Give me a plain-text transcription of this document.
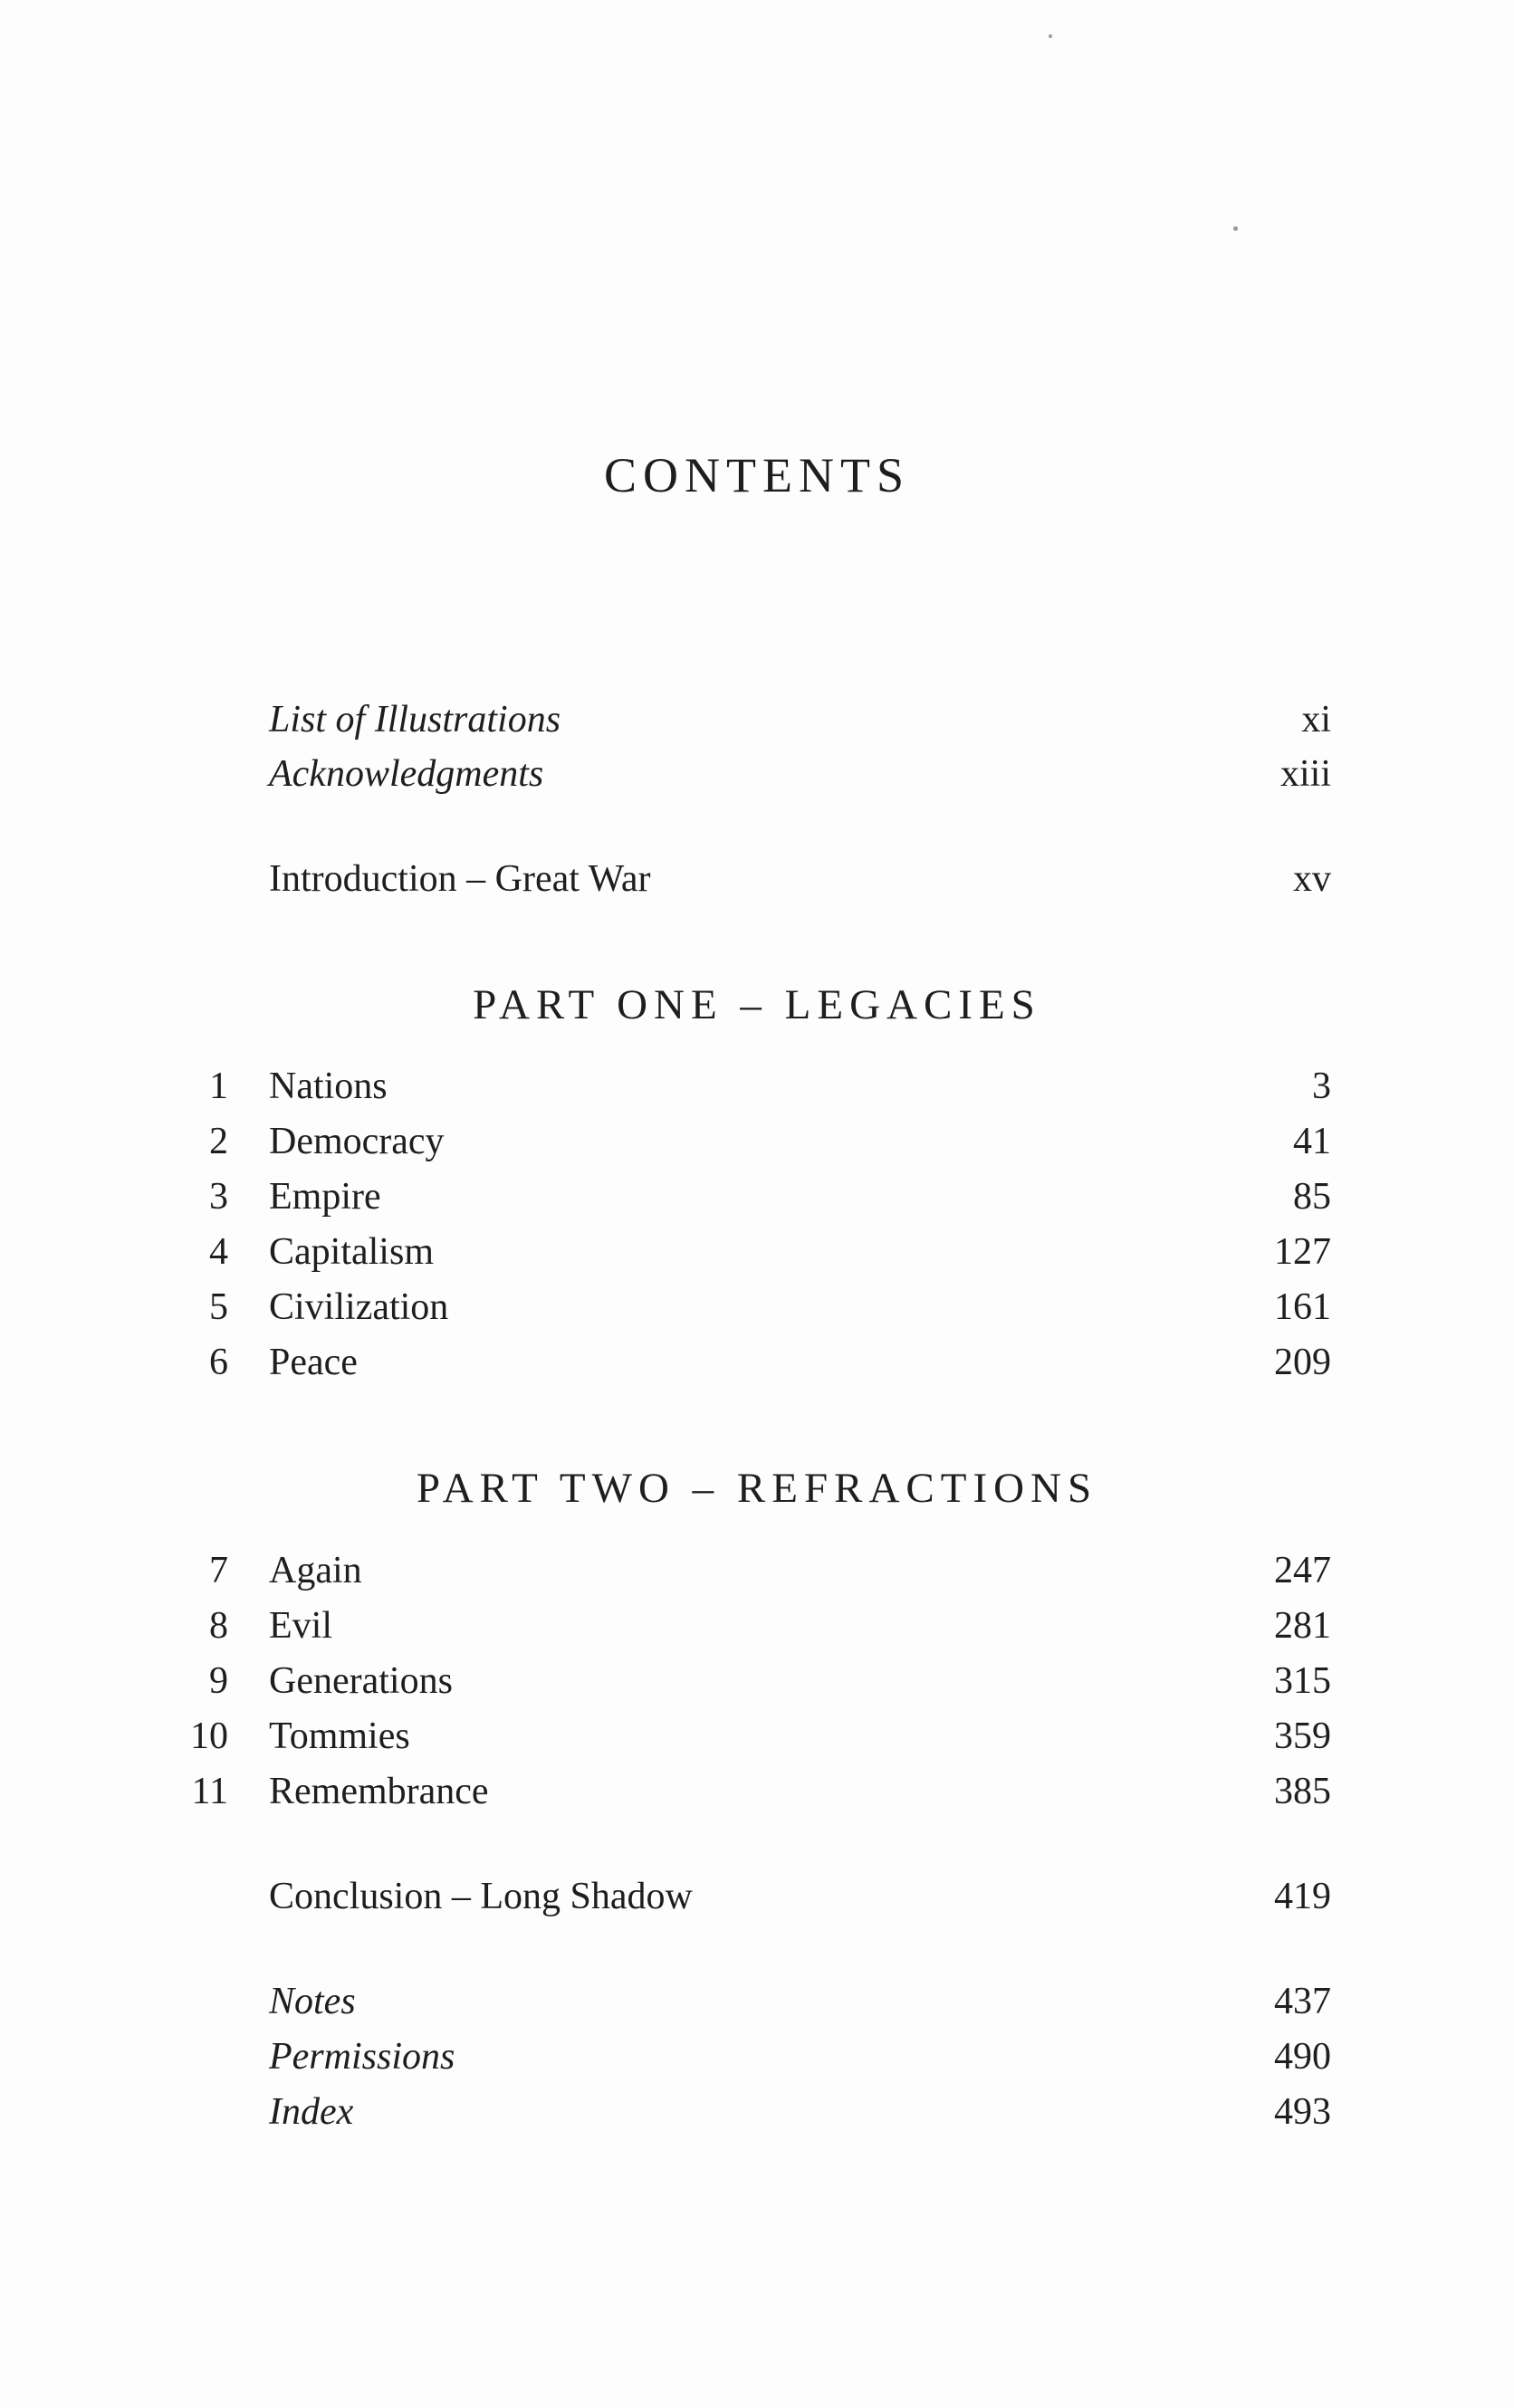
CONTENTS
List of Illustrations	xi
Acknowledgments	xiii
Introduction – Great War	xv
PART ONE – LEGACIES
1 Nations	3
2 Democracy	41
3 Empire	85
4 Capitalism	127
5 Civilization	161
6 Peace	209
PART TWO – REFRACTIONS
7 Again	247
8 Evil	281
9 Generations	315
10 Tommies	359
11 Remembrance	385
Conclusion – Long Shadow	419
Notes	437
Permissions	490
Index	493
